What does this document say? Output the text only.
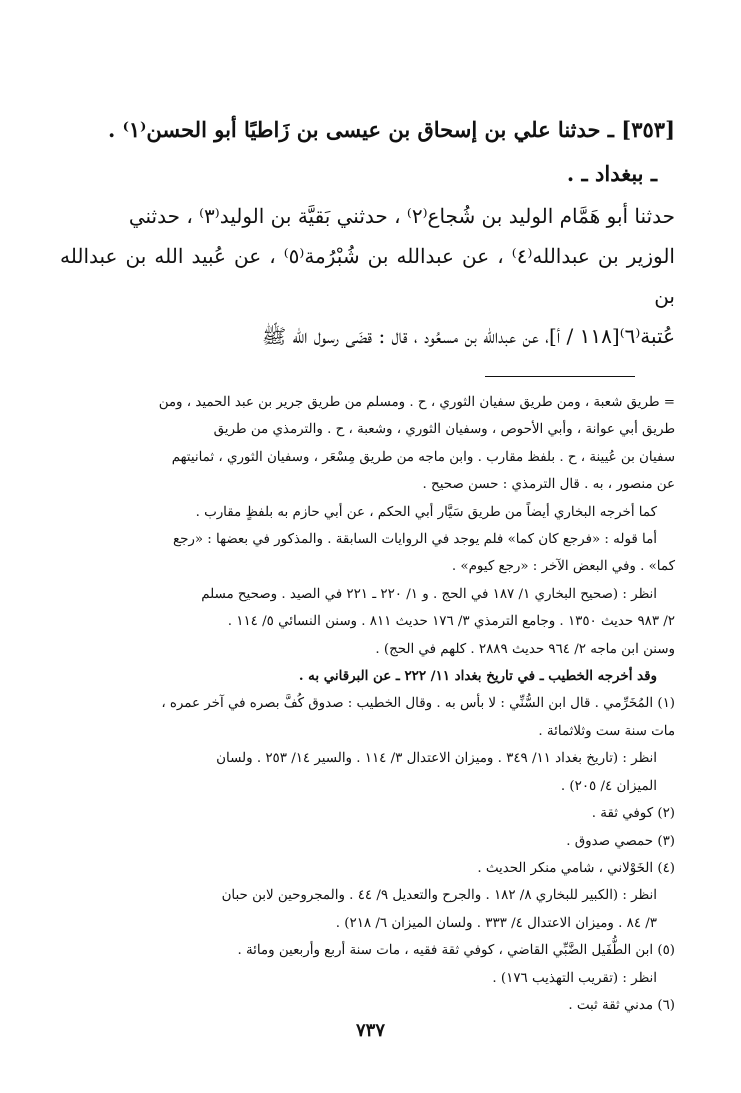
[٣٥٣] ـ حدثنا علي بن إسحاق بن عيسى بن زَاطيًا أبو الحسن⁽١⁾ .

ـ ببغداد ـ .

حدثنا أبو هَمَّام الوليد بن شُجاع⁽٢⁾ ، حدثني بَقيَّة بن الوليد⁽٣⁾ ، حدثني

الوزير بن عبدالله⁽٤⁾ ، عن عبدالله بن شُبْرُمة⁽٥⁾ ، عن عُبيد الله بن عبدالله بن

عُتبة⁽٦⁾[١١٨ / أ]، عن عبدالله بن مسعُود ، قال : قضَى رسول الله ﷺ

= طريق شعبة ، ومن طريق سفيان الثوري ، ح . ومسلم من طريق جرير بن عبد الحميد ، ومن

طريق أبي عوانة ، وأبي الأحوص ، وسفيان الثوري ، وشعبة ، ح . والترمذي من طريق

سفيان بن عُيينة ، ح . بلفظ مقارب . وابن ماجه من طريق مِسْعَر ، وسفيان الثوري ، ثمانيتهم

عن منصور ، به . قال الترمذي : حسن صحيح .

كما أخرجه البخاري أيضاً من طريق سَيَّار أبي الحكم ، عن أبي حازم به بلفظٍ مقارب .

أما قوله : «فرجع كان كما» فلم يوجد في الروايات السابقة . والمذكور في بعضها : «رجع

كما» . وفي البعض الآخر : «رجع كيوم» .

انظر : (صحيح البخاري ١/ ١٨٧ في الحج . و ١/ ٢٢٠ ـ ٢٢١ في الصيد . وصحيح مسلم

٢/ ٩٨٣ حديث ١٣٥٠ . وجامع الترمذي ٣/ ١٧٦ حديث ٨١١ . وسنن النسائي ٥/ ١١٤ .

وسنن ابن ماجه ٢/ ٩٦٤ حديث ٢٨٨٩ . كلهم في الحج) .

وقد أخرجه الخطيب ـ في تاريخ بغداد ١١/ ٢٢٢ ـ عن البرقاني به .

(١) المُخَرِّمي . قال ابن السُّنِّي : لا بأس به . وقال الخطيب : صدوق كُفَّ بصره في آخر عمره ،

مات سنة ست وثلاثمائة .

انظر : (تاريخ بغداد ١١/ ٣٤٩ . وميزان الاعتدال ٣/ ١١٤ . والسير ١٤/ ٢٥٣ . ولسان

الميزان ٤/ ٢٠٥) .

(٢) كوفي ثقة .

(٣) حمصي صدوق .

(٤) الخَوْلاني ، شامي منكر الحديث .

انظر : (الكبير للبخاري ٨/ ١٨٢ . والجرح والتعديل ٩/ ٤٤ . والمجروحين لابن حبان

٣/ ٨٤ . وميزان الاعتدال ٤/ ٣٣٣ . ولسان الميزان ٦/ ٢١٨) .

(٥) ابن الطُّفَيل الضَّبِّي القاضي ، كوفي ثقة فقيه ، مات سنة أربع وأربعين ومائة .

انظر : (تقريب التهذيب ١٧٦) .

(٦) مدني ثقة ثبت .

٧٣٧
